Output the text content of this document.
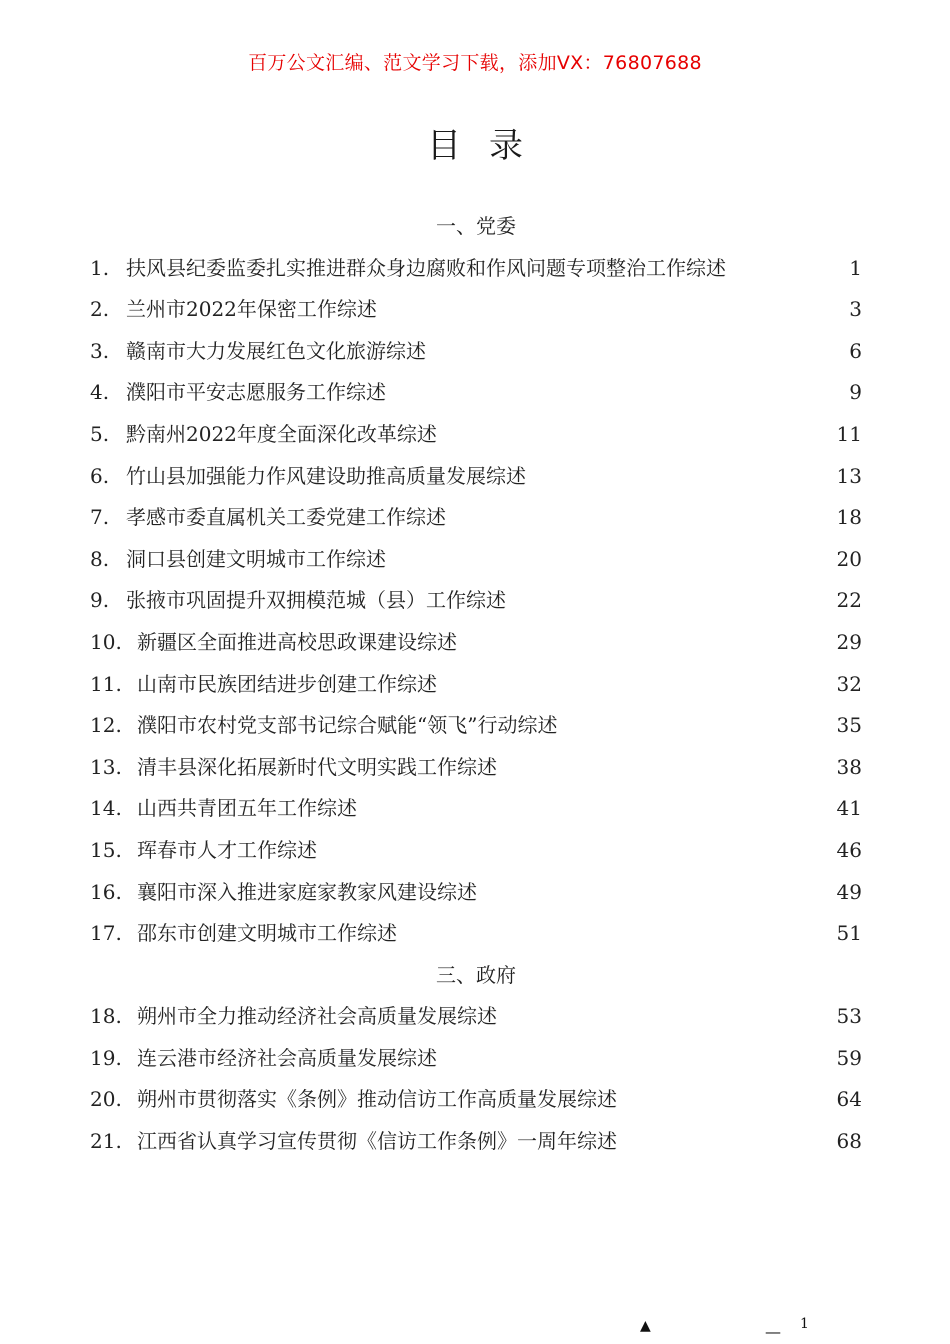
百万公文汇编、范文学习下载，添加VX：76807688
目录
一、党委
1. 扶风县纪委监委扎实推进群众身边腐败和作风问题专项整治工作综述	1
2. 兰州市2022年保密工作综述	3
3. 赣南市大力发展红色文化旅游综述	6
4. 濮阳市平安志愿服务工作综述	9
5. 黔南州2022年度全面深化改革综述	11
6. 竹山县加强能力作风建设助推高质量发展综述	13
7. 孝感市委直属机关工委党建工作综述	18
8. 洞口县创建文明城市工作综述	20
9. 张掖市巩固提升双拥模范城（县）工作综述	22
10. 新疆区全面推进高校思政课建设综述	29
11. 山南市民族团结进步创建工作综述	32
12. 濮阳市农村党支部书记综合赋能“领飞”行动综述	35
13. 清丰县深化拓展新时代文明实践工作综述	38
14. 山西共青团五年工作综述	41
15. 珲春市人才工作综述	46
16. 襄阳市深入推进家庭家教家风建设综述	49
17. 邵东市创建文明城市工作综述	51
三、政府
18. 朔州市全力推动经济社会高质量发展综述	53
19. 连云港市经济社会高质量发展综述	59
20. 朔州市贯彻落实《条例》推动信访工作高质量发展综述	64
21. 江西省认真学习宣传贯彻《信访工作条例》一周年综述	68
▲	— 1
